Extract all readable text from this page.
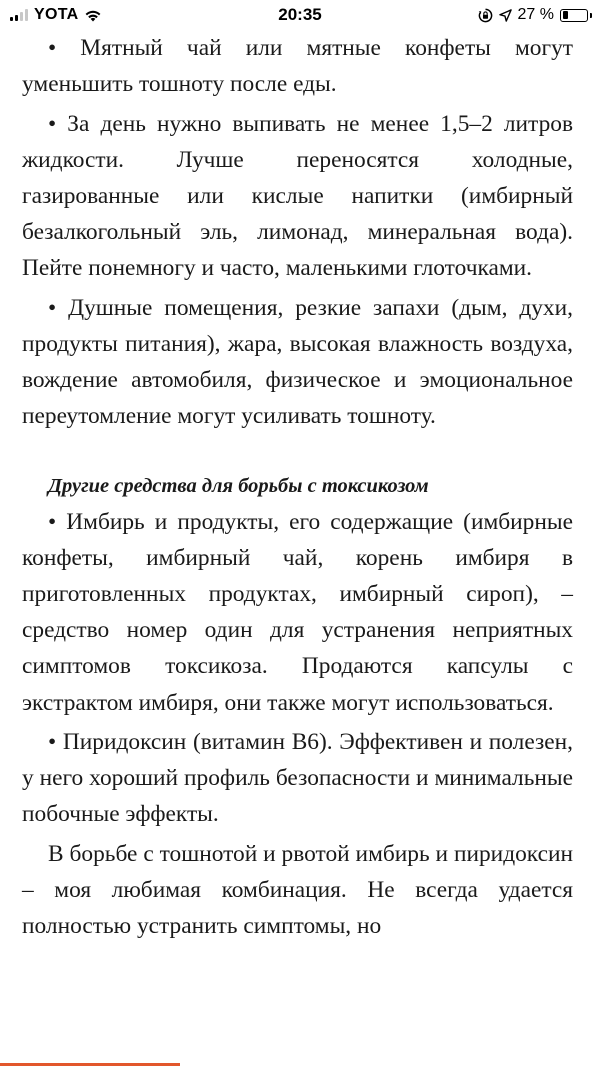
YOTA	20:35	27 %

• Мятный чай или мятные конфеты могут уменьшить тошноту после еды.

• За день нужно выпивать не менее 1,5–2 литров жидкости. Лучше переносятся холодные, газированные или кислые напитки (имбирный безалкогольный эль, лимонад, минеральная вода). Пейте понемногу и часто, маленькими глоточками.

• Душные помещения, резкие запахи (дым, духи, продукты питания), жара, высокая влажность воздуха, вождение автомобиля, физическое и эмоциональное переутомление могут усиливать тошноту.

Другие средства для борьбы с токсикозом

• Имбирь и продукты, его содержащие (имбирные конфеты, имбирный чай, корень имбиря в приготовленных продуктах, имбирный сироп), – средство номер один для устранения неприятных симптомов токсикоза. Продаются капсулы с экстрактом имбиря, они также могут использоваться.

• Пиридоксин (витамин В6). Эффективен и полезен, у него хороший профиль безопасности и минимальные побочные эффекты.

В борьбе с тошнотой и рвотой имбирь и пиридоксин – моя любимая комбинация. Не всегда удается полностью устранить симптомы, но
